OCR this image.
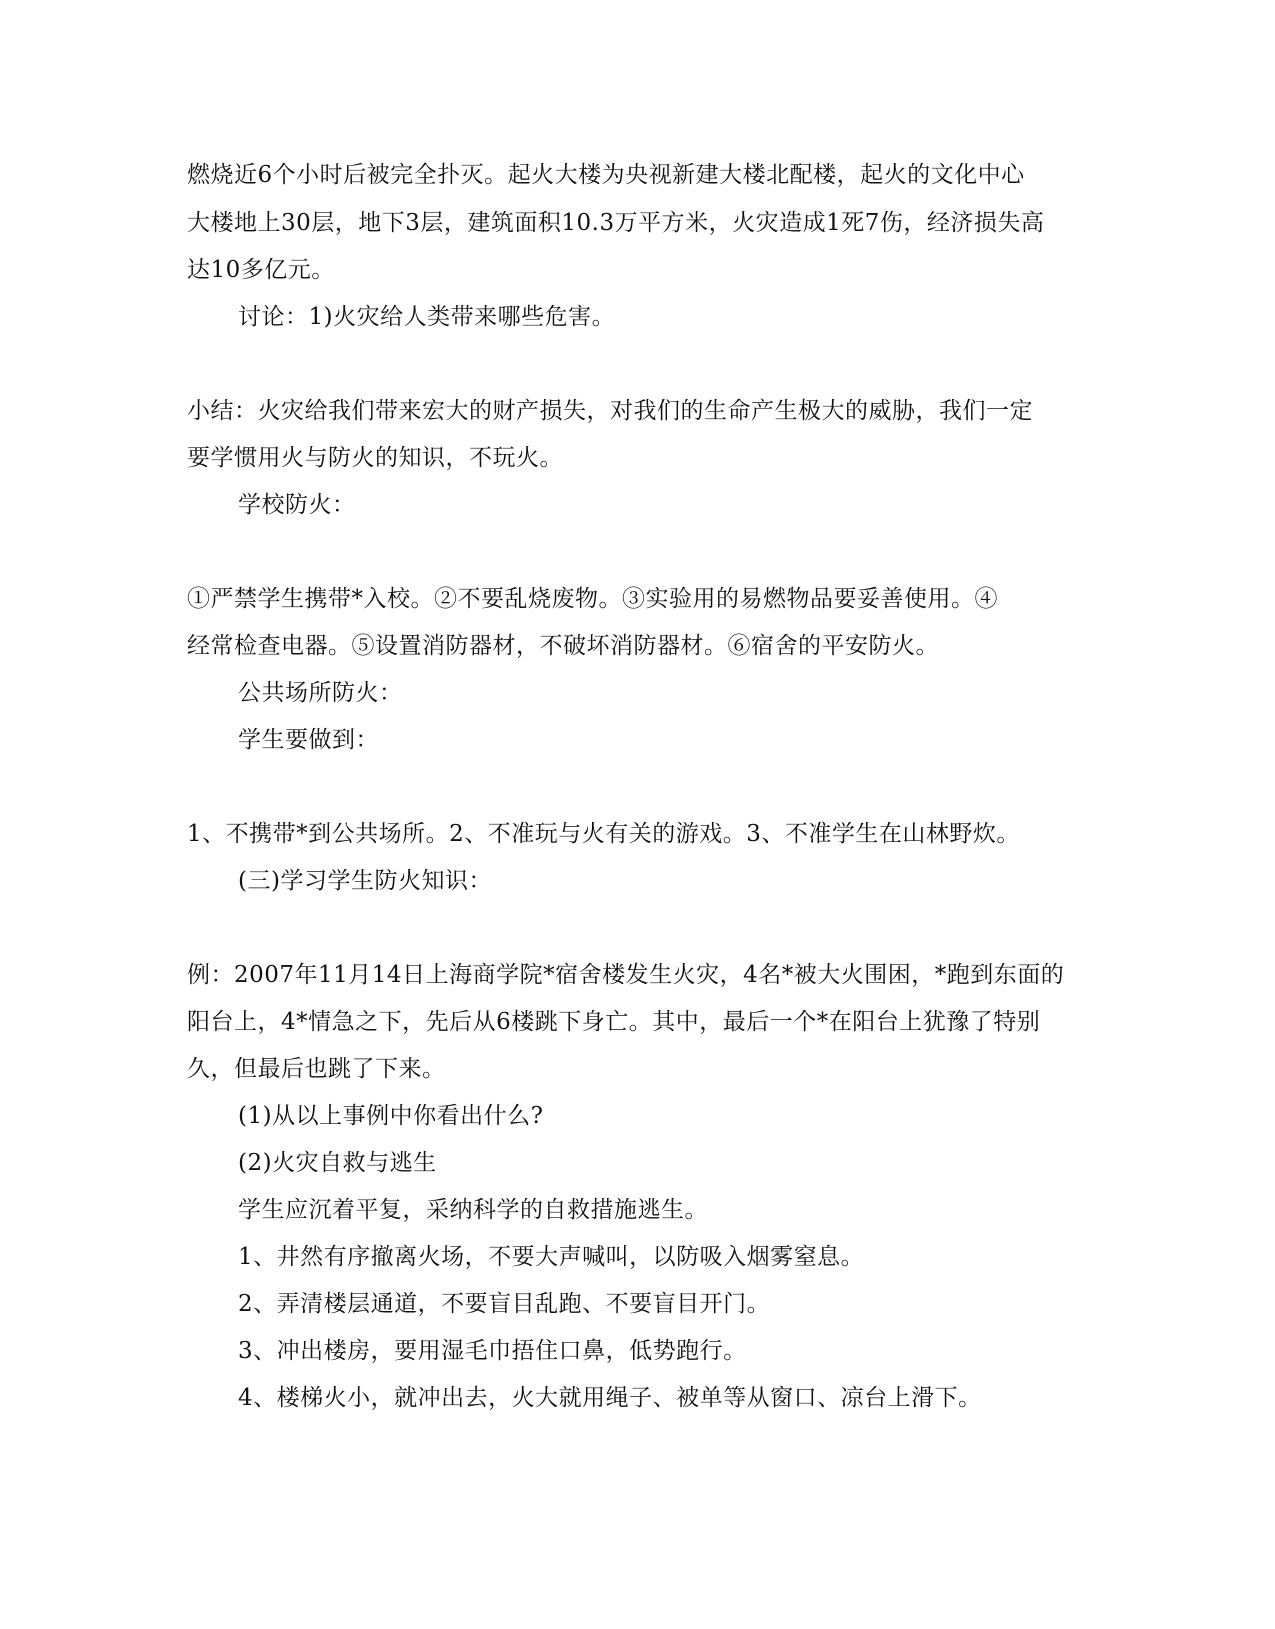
燃烧近6个小时后被完全扑灭。起火大楼为央视新建大楼北配楼，起火的文化中心
大楼地上30层，地下3层，建筑面积10.3万平方米，火灾造成1死7伤，经济损失高
达10多亿元。
讨论：1)火灾给人类带来哪些危害。
小结：火灾给我们带来宏大的财产损失，对我们的生命产生极大的威胁，我们一定
要学惯用火与防火的知识，不玩火。
学校防火：
①严禁学生携带*入校。②不要乱烧废物。③实验用的易燃物品要妥善使用。④
经常检查电器。⑤设置消防器材，不破坏消防器材。⑥宿舍的平安防火。
公共场所防火：
学生要做到：
1、不携带*到公共场所。2、不准玩与火有关的游戏。3、不准学生在山林野炊。
(三)学习学生防火知识：
例：2007年11月14日上海商学院*宿舍楼发生火灾，4名*被大火围困，*跑到东面的
阳台上，4*情急之下，先后从6楼跳下身亡。其中，最后一个*在阳台上犹豫了特别
久，但最后也跳了下来。
(1)从以上事例中你看出什么?
(2)火灾自救与逃生
学生应沉着平复，采纳科学的自救措施逃生。
1、井然有序撤离火场，不要大声喊叫，以防吸入烟雾窒息。
2、弄清楼层通道，不要盲目乱跑、不要盲目开门。
3、冲出楼房，要用湿毛巾捂住口鼻，低势跑行。
4、楼梯火小，就冲出去，火大就用绳子、被单等从窗口、凉台上滑下。
